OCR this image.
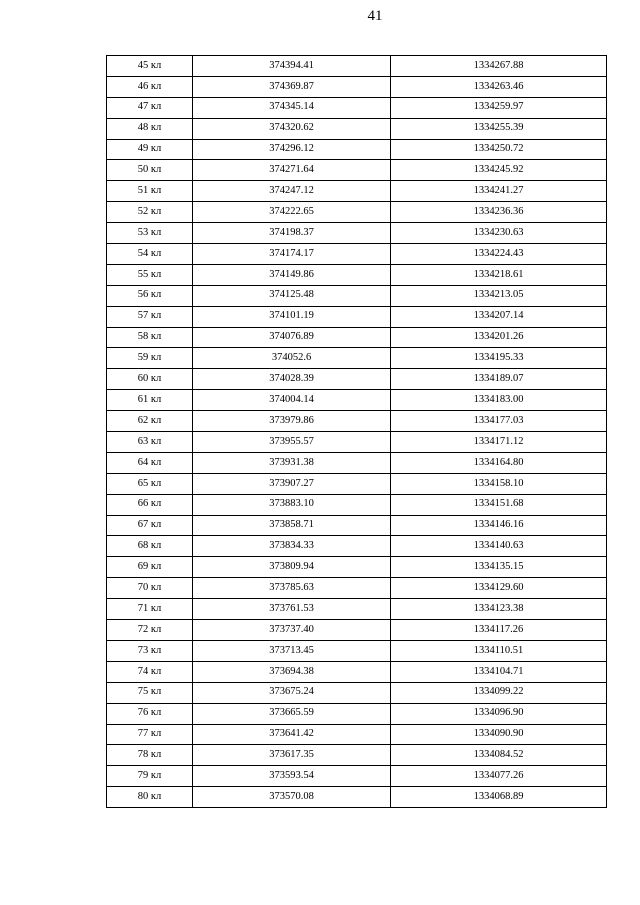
41
45 кл	374394.41	1334267.88
46 кл	374369.87	1334263.46
47 кл	374345.14	1334259.97
48 кл	374320.62	1334255.39
49 кл	374296.12	1334250.72
50 кл	374271.64	1334245.92
51 кл	374247.12	1334241.27
52 кл	374222.65	1334236.36
53 кл	374198.37	1334230.63
54 кл	374174.17	1334224.43
55 кл	374149.86	1334218.61
56 кл	374125.48	1334213.05
57 кл	374101.19	1334207.14
58 кл	374076.89	1334201.26
59 кл	374052.6	1334195.33
60 кл	374028.39	1334189.07
61 кл	374004.14	1334183.00
62 кл	373979.86	1334177.03
63 кл	373955.57	1334171.12
64 кл	373931.38	1334164.80
65 кл	373907.27	1334158.10
66 кл	373883.10	1334151.68
67 кл	373858.71	1334146.16
68 кл	373834.33	1334140.63
69 кл	373809.94	1334135.15
70 кл	373785.63	1334129.60
71 кл	373761.53	1334123.38
72 кл	373737.40	1334117.26
73 кл	373713.45	1334110.51
74 кл	373694.38	1334104.71
75 кл	373675.24	1334099.22
76 кл	373665.59	1334096.90
77 кл	373641.42	1334090.90
78 кл	373617.35	1334084.52
79 кл	373593.54	1334077.26
80 кл	373570.08	1334068.89
